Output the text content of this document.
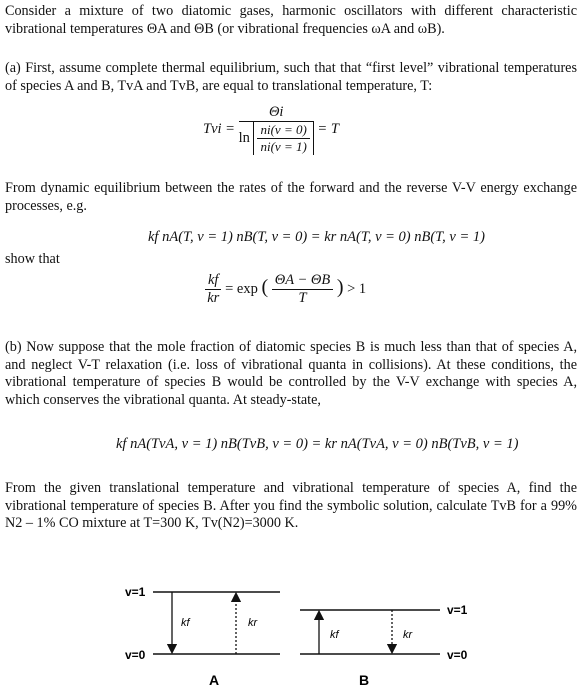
Consider a mixture of two diatomic gases, harmonic oscillators with different characteristic vibrational temperatures ΘA and ΘB (or vibrational frequencies ωA and ωB).
(a) First, assume complete thermal equilibrium, such that that “first level” vibrational temperatures of species A and B, TvA and TvB, are equal to translational temperature, T:
Tvi = $\frac{\Theta i}{\ln \frac{ni(v = 0)}{ni(v = 1)}} = T$
From dynamic equilibrium between the rates of the forward and the reverse V-V energy exchange processes, e.g.
kf nA(T, v = 1) nB(T, v = 0) = kr nA(T, v = 0) nB(T, v = 1)
show that
$\frac{kf}{kr} = \exp$ ( $\frac{\Theta A - \Theta B}{T}$ ) > 1
(b) Now suppose that the mole fraction of diatomic species B is much less than that of species A, and neglect V-T relaxation (i.e. loss of vibrational quanta in collisions). At these conditions, the vibrational temperature of species B would be controlled by the V-V exchange with species A, which conserves the vibrational quanta. At steady-state,
kf nA(TvA, v = 1) nB(TvB, v = 0) = kr nA(TvA, v = 0) nB(TvB, v = 1)
From the given translational temperature and vibrational temperature of species A, find the vibrational temperature of species B. After you find the symbolic solution, calculate TvB for a 99% N2 – 1% CO mixture at T=300 K, Tv(N2)=3000 K.
v=1
v=0
kf	kr
A
v=1
v=0
kf	kr
B
